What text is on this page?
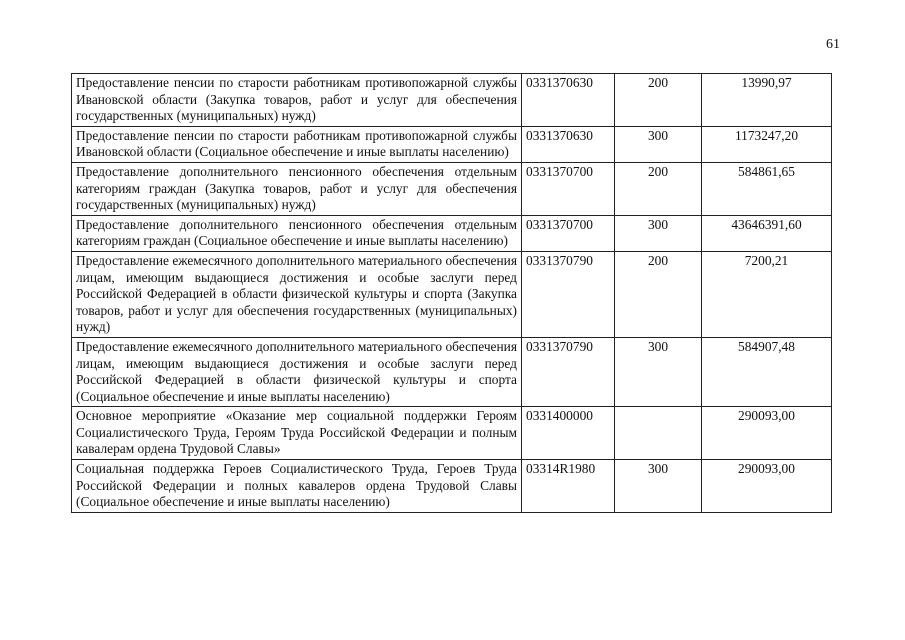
61
Предоставление пенсии по старости работникам противопожарной службы Ивановской области (Закупка товаров, работ и услуг для обеспечения государственных (муниципальных) нужд)	0331370630	200	13990,97
Предоставление пенсии по старости работникам противопожарной службы Ивановской области (Социальное обеспечение и иные выплаты населению)	0331370630	300	1173247,20
Предоставление дополнительного пенсионного обеспечения отдельным категориям граждан (Закупка товаров, работ и услуг для обеспечения государственных (муниципальных) нужд)	0331370700	200	584861,65
Предоставление дополнительного пенсионного обеспечения отдельным категориям граждан (Социальное обеспечение и иные выплаты населению)	0331370700	300	43646391,60
Предоставление ежемесячного дополнительного материального обеспечения лицам, имеющим выдающиеся достижения и особые заслуги перед Российской Федерацией в области физической культуры и спорта (Закупка товаров, работ и услуг для обеспечения государственных (муниципальных) нужд)	0331370790	200	7200,21
Предоставление ежемесячного дополнительного материального обеспечения лицам, имеющим выдающиеся достижения и особые заслуги перед Российской Федерацией в области физической культуры и спорта (Социальное обеспечение и иные выплаты населению)	0331370790	300	584907,48
Основное мероприятие «Оказание мер социальной поддержки Героям Социалистического Труда, Героям Труда Российской Федерации и полным кавалерам ордена Трудовой Славы»	0331400000		290093,00
Социальная поддержка Героев Социалистического Труда, Героев Труда Российской Федерации и полных кавалеров ордена Трудовой Славы (Социальное обеспечение и иные выплаты населению)	03314R1980	300	290093,00
